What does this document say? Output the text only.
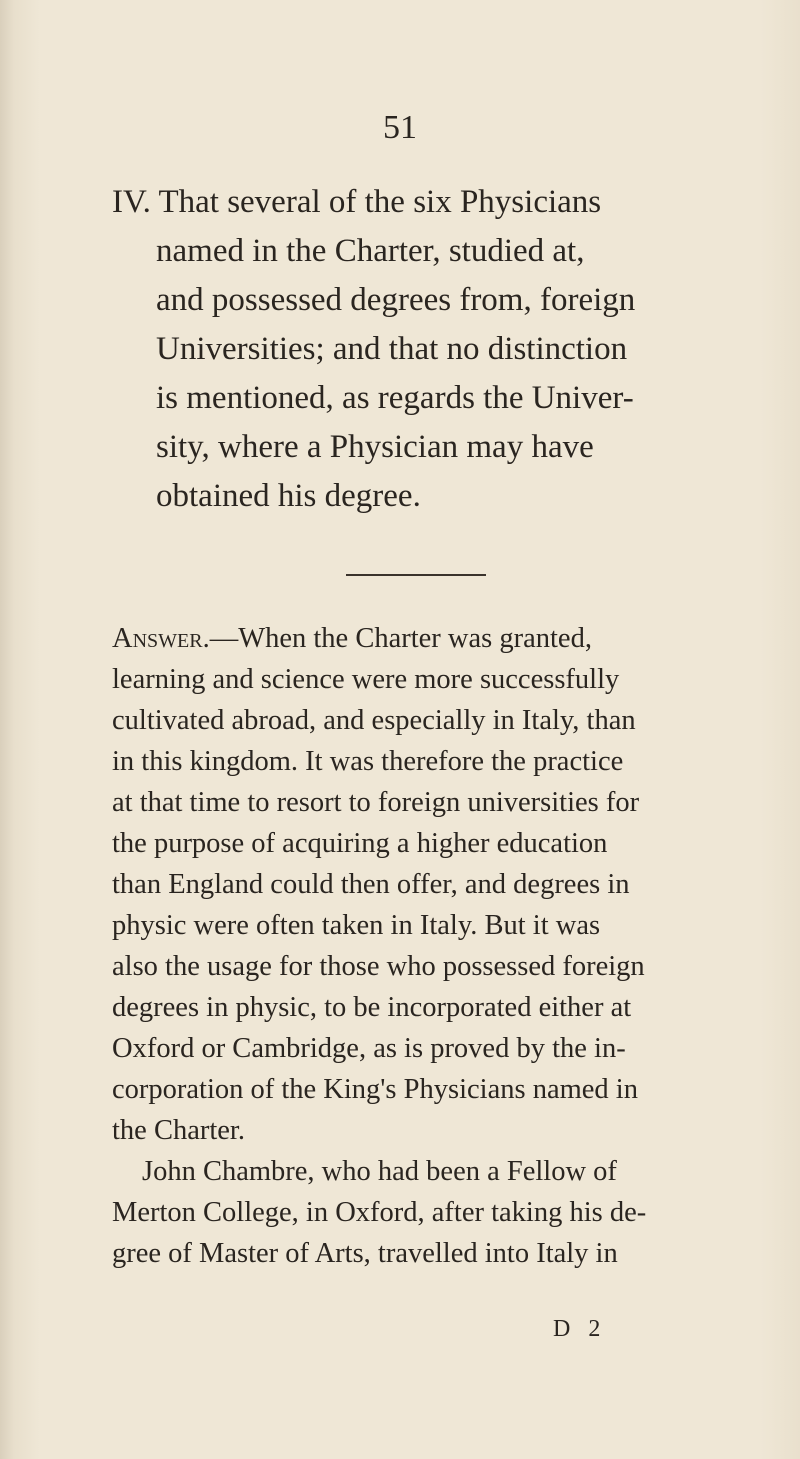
51
IV. That several of the six Physicians
named in the Charter, studied at,
and possessed degrees from, foreign
Universities; and that no distinction
is mentioned, as regards the Univer-
sity, where a Physician may have
obtained his degree.
Answer.—When the Charter was granted,
learning and science were more successfully
cultivated abroad, and especially in Italy, than
in this kingdom. It was therefore the practice
at that time to resort to foreign universities for
the purpose of acquiring a higher education
than England could then offer, and degrees in
physic were often taken in Italy. But it was
also the usage for those who possessed foreign
degrees in physic, to be incorporated either at
Oxford or Cambridge, as is proved by the in-
corporation of the King's Physicians named in
the Charter.
John Chambre, who had been a Fellow of
Merton College, in Oxford, after taking his de-
gree of Master of Arts, travelled into Italy in
D 2
